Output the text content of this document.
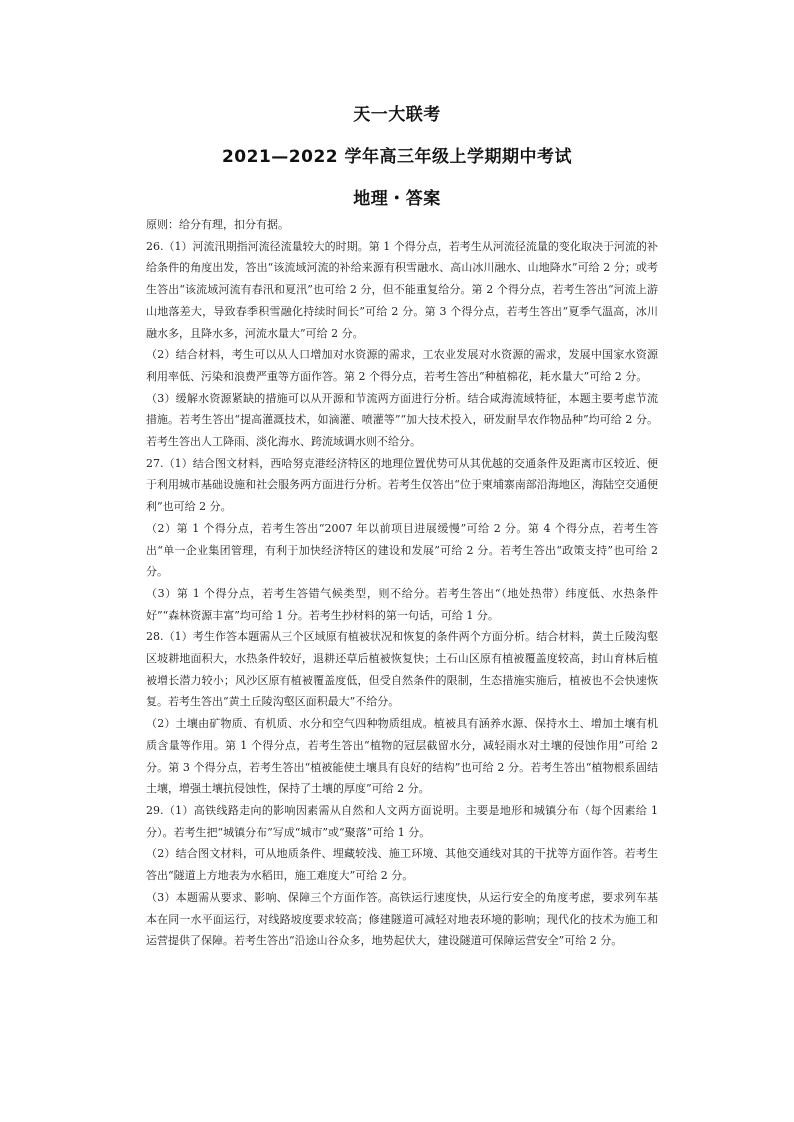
天一大联考
2021—2022 学年高三年级上学期期中考试
地理・答案

原则：给分有理，扣分有据。

26.（1）河流汛期指河流径流量较大的时期。第 1 个得分点，若考生从河流径流量的变化取决于河流的补给条件的角度出发，答出“该流域河流的补给来源有积雪融水、高山冰川融水、山地降水”可给 2 分；或考生答出“该流域河流有春汛和夏汛”也可给 2 分，但不能重复给分。第 2 个得分点，若考生答出“河流上游山地落差大，导致春季积雪融化持续时间长”可给 2 分。第 3 个得分点，若考生答出“夏季气温高，冰川融水多，且降水多，河流水量大”可给 2 分。

（2）结合材料，考生可以从人口增加对水资源的需求，工农业发展对水资源的需求，发展中国家水资源利用率低、污染和浪费严重等方面作答。第 2 个得分点，若考生答出“种植棉花，耗水量大”可给 2 分。

（3）缓解水资源紧缺的措施可以从开源和节流两方面进行分析。结合咸海流域特征，本题主要考虑节流措施。若考生答出“提高灌溉技术，如滴灌、喷灌等”“加大技术投入，研发耐旱农作物品种”均可给 2 分。若考生答出人工降雨、淡化海水、跨流域调水则不给分。

27.（1）结合图文材料，西哈努克港经济特区的地理位置优势可从其优越的交通条件及距离市区较近、便于利用城市基础设施和社会服务两方面进行分析。若考生仅答出“位于柬埔寨南部沿海地区，海陆空交通便利”也可给 2 分。

（2）第 1 个得分点，若考生答出“2007 年以前项目进展缓慢”可给 2 分。第 4 个得分点，若考生答出“单一企业集团管理，有利于加快经济特区的建设和发展”可给 2 分。若考生答出“政策支持”也可给 2 分。

（3）第 1 个得分点，若考生答错气候类型，则不给分。若考生答出“（地处热带）纬度低、水热条件好”“森林资源丰富”均可给 1 分。若考生抄材料的第一句话，可给 1 分。

28.（1）考生作答本题需从三个区域原有植被状况和恢复的条件两个方面分析。结合材料，黄土丘陵沟壑区坡耕地面积大，水热条件较好，退耕还草后植被恢复快；土石山区原有植被覆盖度较高，封山育林后植被增长潜力较小；风沙区原有植被覆盖度低，但受自然条件的限制，生态措施实施后，植被也不会快速恢复。若考生答出“黄土丘陵沟壑区面积最大”不给分。

（2）土壤由矿物质、有机质、水分和空气四种物质组成。植被具有涵养水源、保持水土、增加土壤有机质含量等作用。第 1 个得分点，若考生答出“植物的冠层截留水分，减轻雨水对土壤的侵蚀作用”可给 2 分。第 3 个得分点，若考生答出“植被能使土壤具有良好的结构”也可给 2 分。若考生答出“植物根系固结土壤，增强土壤抗侵蚀性，保持了土壤的厚度”可给 2 分。

29.（1）高铁线路走向的影响因素需从自然和人文两方面说明。主要是地形和城镇分布（每个因素给 1 分）。若考生把“城镇分布”写成“城市”或“聚落”可给 1 分。

（2）结合图文材料，可从地质条件、埋藏较浅、施工环境、其他交通线对其的干扰等方面作答。若考生答出“隧道上方地表为水稻田，施工难度大”可给 2 分。

（3）本题需从要求、影响、保障三个方面作答。高铁运行速度快，从运行安全的角度考虑，要求列车基本在同一水平面运行，对线路坡度要求较高；修建隧道可减轻对地表环境的影响；现代化的技术为施工和运营提供了保障。若考生答出“沿途山谷众多，地势起伏大，建设隧道可保障运营安全”可给 2 分。
